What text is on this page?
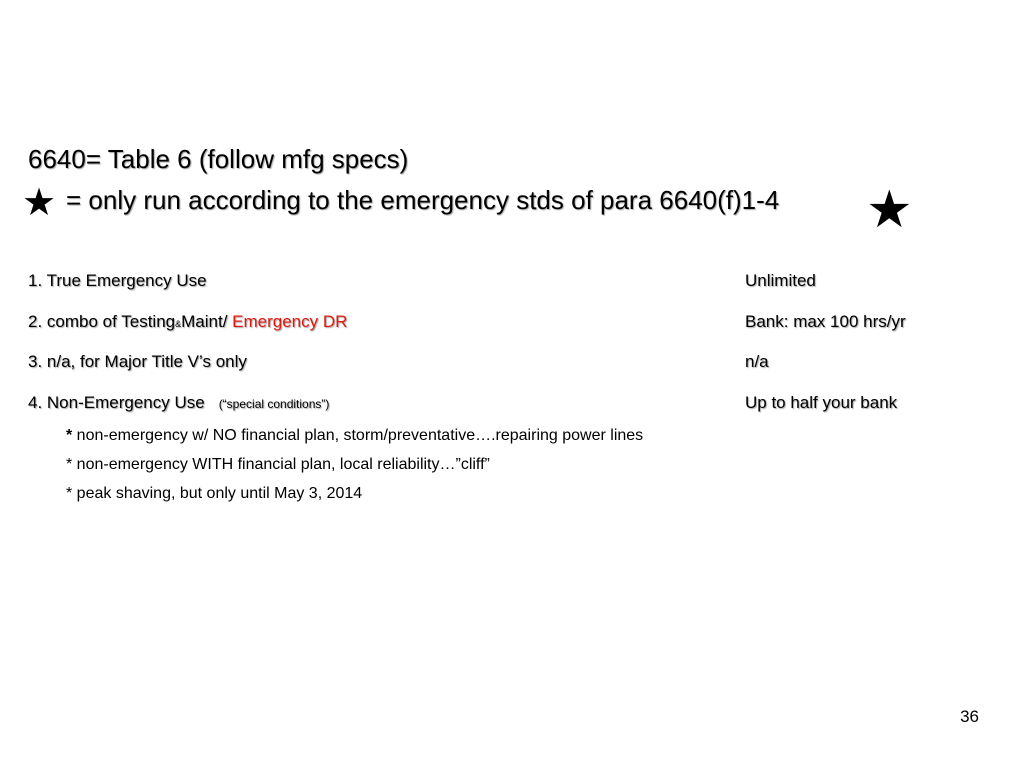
6640= Table 6 (follow mfg specs)
★ = only run according to the emergency stds of para 6640(f)1-4 ★
1. True Emergency Use	Unlimited
2. combo of Testing&Maint/ Emergency DR	Bank: max 100 hrs/yr
3. n/a, for Major Title V’s only	n/a
4. Non-Emergency Use (“special conditions”)	Up to half your bank
* non-emergency w/ NO financial plan, storm/preventative….repairing power lines
* non-emergency WITH financial plan, local reliability…”cliff”
* peak shaving, but only until May 3, 2014
36
